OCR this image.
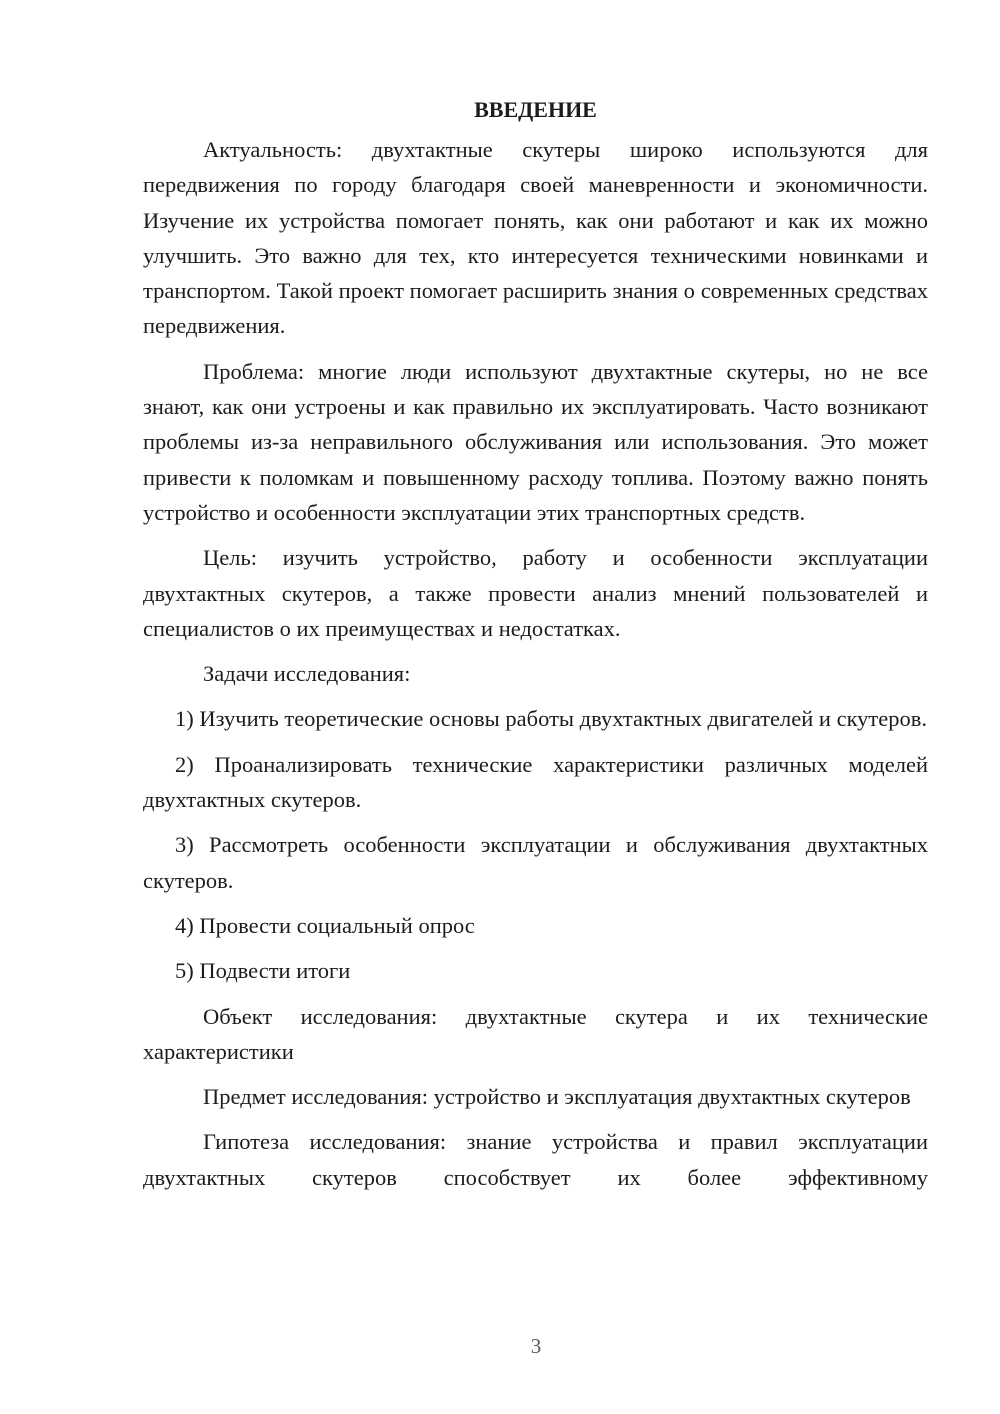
ВВЕДЕНИЕ

Актуальность: двухтактные скутеры широко используются для передвижения по городу благодаря своей маневренности и экономичности. Изучение их устройства помогает понять, как они работают и как их можно улучшить. Это важно для тех, кто интересуется техническими новинками и транспортом. Такой проект помогает расширить знания о современных средствах передвижения.

Проблема: многие люди используют двухтактные скутеры, но не все знают, как они устроены и как правильно их эксплуатировать. Часто возникают проблемы из-за неправильного обслуживания или использования. Это может привести к поломкам и повышенному расходу топлива. Поэтому важно понять устройство и особенности эксплуатации этих транспортных средств.

Цель: изучить устройство, работу и особенности эксплуатации двухтактных скутеров, а также провести анализ мнений пользователей и специалистов о их преимуществах и недостатках.

Задачи исследования:

1) Изучить теоретические основы работы двухтактных двигателей и скутеров.

2) Проанализировать технические характеристики различных моделей двухтактных скутеров.

3) Рассмотреть особенности эксплуатации и обслуживания двухтактных скутеров.

4) Провести социальный опрос

5) Подвести итоги

Объект исследования: двухтактные скутера и их технические характеристики

Предмет исследования: устройство и эксплуатация двухтактных скутеров

Гипотеза исследования: знание устройства и правил эксплуатации двухтактных скутеров способствует их более эффективному

3
